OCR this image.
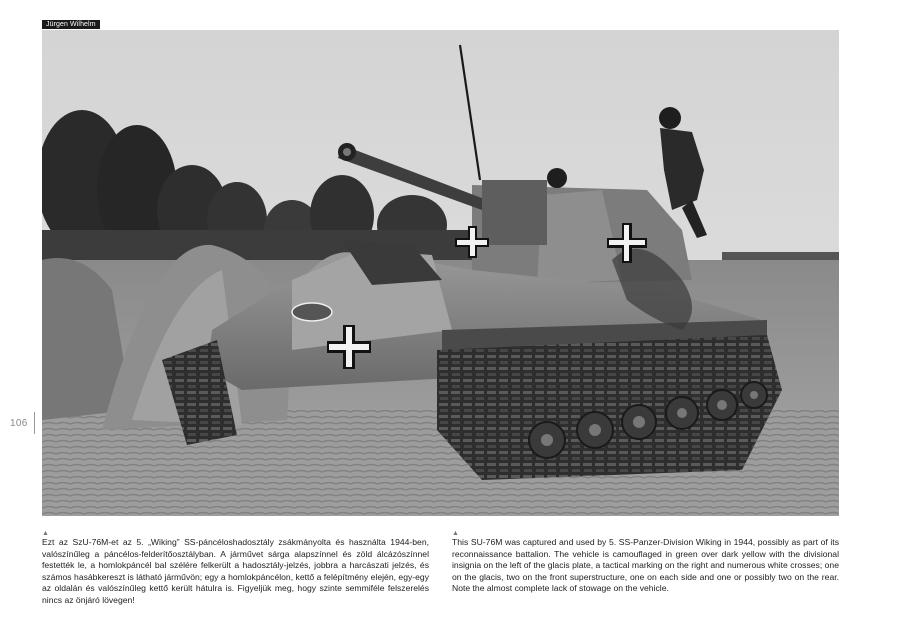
Jürgen Wilhelm
106
▲
Ezt az SzU-76M-et az 5. „Wiking” SS-páncéloshadosztály zsákmányolta és használta 1944-ben, valószínűleg a páncélos-felderítőosztályban. A járművet sárga alapszínnel és zöld álcázószínnel festették le, a homlokpáncél bal szélére felkerült a hadosztály-jelzés, jobbra a harcászati jelzés, és számos hasábkereszt is látható járművön; egy a homlokpáncélon, kettő a felépítmény elején, egy-egy az oldalán és valószínűleg kettő került hátulra is. Figyeljük meg, hogy szinte semmiféle felszerelés nincs az önjáró lövegen!
▲
This SU-76M was captured and used by 5. SS-Panzer-Division Wiking in 1944, possibly as part of its reconnaissance battalion. The vehicle is camouflaged in green over dark yellow with the divisional insignia on the left of the glacis plate, a tactical marking on the right and numerous white crosses; one on the glacis, two on the front superstructure, one on each side and one or possibly two on the rear. Note the almost complete lack of stowage on the vehicle.
